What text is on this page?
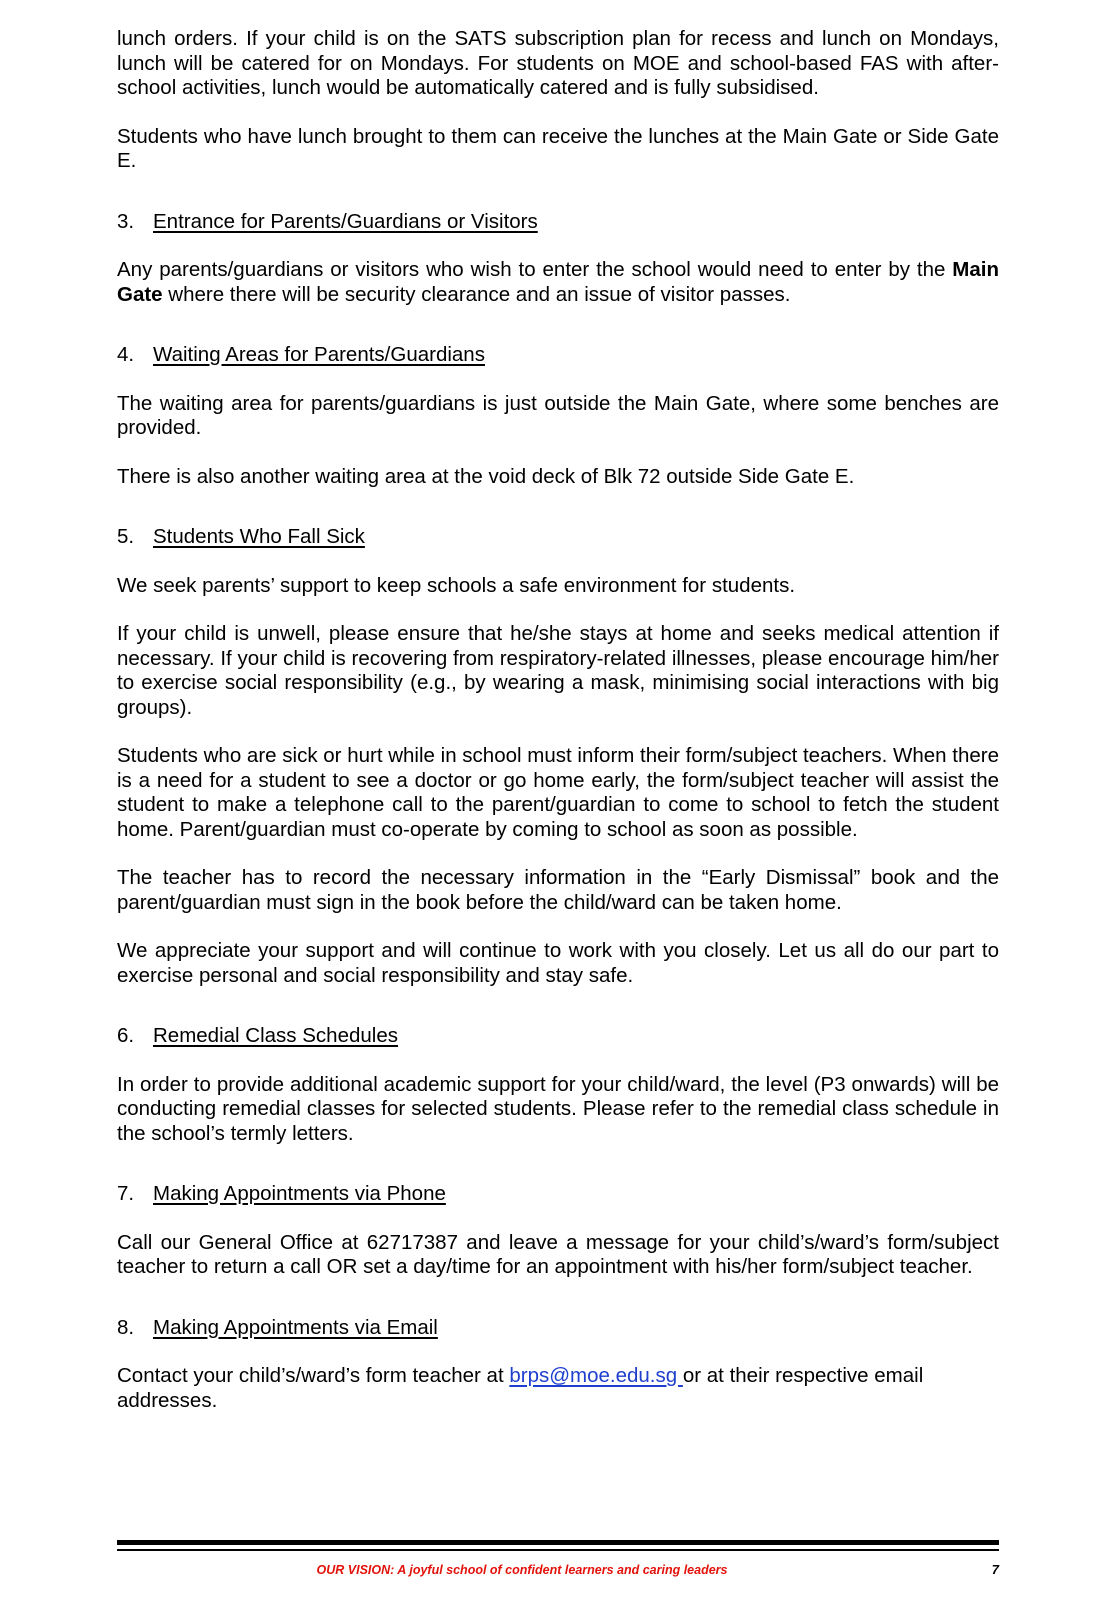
lunch orders. If your child is on the SATS subscription plan for recess and lunch on Mondays, lunch will be catered for on Mondays. For students on MOE and school-based FAS with after-school activities, lunch would be automatically catered and is fully subsidised.

Students who have lunch brought to them can receive the lunches at the Main Gate or Side Gate E.

3. Entrance for Parents/Guardians or Visitors

Any parents/guardians or visitors who wish to enter the school would need to enter by the Main Gate where there will be security clearance and an issue of visitor passes.

4. Waiting Areas for Parents/Guardians

The waiting area for parents/guardians is just outside the Main Gate, where some benches are provided.

There is also another waiting area at the void deck of Blk 72 outside Side Gate E.

5. Students Who Fall Sick

We seek parents’ support to keep schools a safe environment for students.

If your child is unwell, please ensure that he/she stays at home and seeks medical attention if necessary. If your child is recovering from respiratory-related illnesses, please encourage him/her to exercise social responsibility (e.g., by wearing a mask, minimising social interactions with big groups).

Students who are sick or hurt while in school must inform their form/subject teachers. When there is a need for a student to see a doctor or go home early, the form/subject teacher will assist the student to make a telephone call to the parent/guardian to come to school to fetch the student home. Parent/guardian must co-operate by coming to school as soon as possible.

The teacher has to record the necessary information in the “Early Dismissal” book and the parent/guardian must sign in the book before the child/ward can be taken home.

We appreciate your support and will continue to work with you closely. Let us all do our part to exercise personal and social responsibility and stay safe.

6. Remedial Class Schedules

In order to provide additional academic support for your child/ward, the level (P3 onwards) will be conducting remedial classes for selected students. Please refer to the remedial class schedule in the school’s termly letters.

7. Making Appointments via Phone

Call our General Office at 62717387 and leave a message for your child’s/ward’s form/subject teacher to return a call OR set a day/time for an appointment with his/her form/subject teacher.

8. Making Appointments via Email

Contact your child’s/ward’s form teacher at brps@moe.edu.sg or at their respective email addresses.

OUR VISION: A joyful school of confident learners and caring leaders	7
